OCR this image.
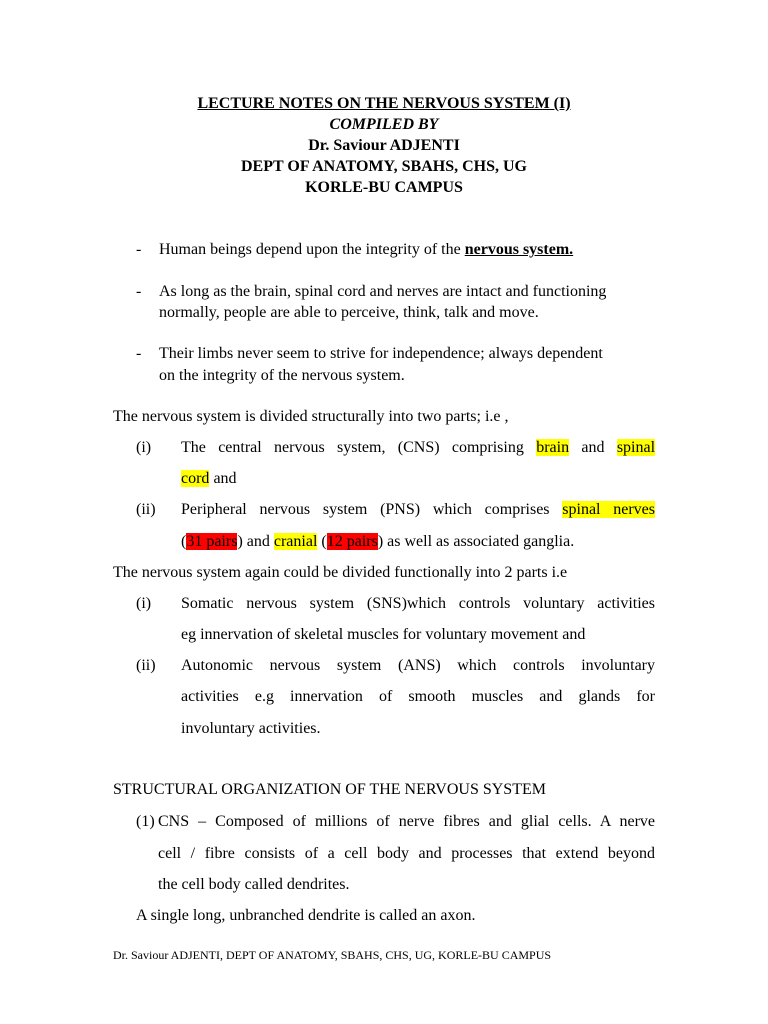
LECTURE NOTES ON THE NERVOUS SYSTEM (I)
COMPILED BY
Dr. Saviour ADJENTI
DEPT OF ANATOMY, SBAHS, CHS, UG
KORLE-BU CAMPUS
- Human beings depend upon the integrity of the nervous system.
- As long as the brain, spinal cord and nerves are intact and functioning
normally, people are able to perceive, think, talk and move.
- Their limbs never seem to strive for independence; always dependent
on the integrity of the nervous system.
The nervous system is divided structurally into two parts; i.e ,
(i) The central nervous system, (CNS) comprising brain and spinal
cord and
(ii) Peripheral nervous system (PNS) which comprises spinal nerves
(31 pairs) and cranial (12 pairs) as well as associated ganglia.
The nervous system again could be divided functionally into 2 parts i.e
(i) Somatic nervous system (SNS)which controls voluntary activities
eg innervation of skeletal muscles for voluntary movement and
(ii) Autonomic nervous system (ANS) which controls involuntary
activities e.g innervation of smooth muscles and glands for
involuntary activities.
STRUCTURAL ORGANIZATION OF THE NERVOUS SYSTEM
(1) CNS – Composed of millions of nerve fibres and glial cells. A nerve
cell / fibre consists of a cell body and processes that extend beyond
the cell body called dendrites.
A single long, unbranched dendrite is called an axon.
Dr. Saviour ADJENTI, DEPT OF ANATOMY, SBAHS, CHS, UG, KORLE-BU CAMPUS
